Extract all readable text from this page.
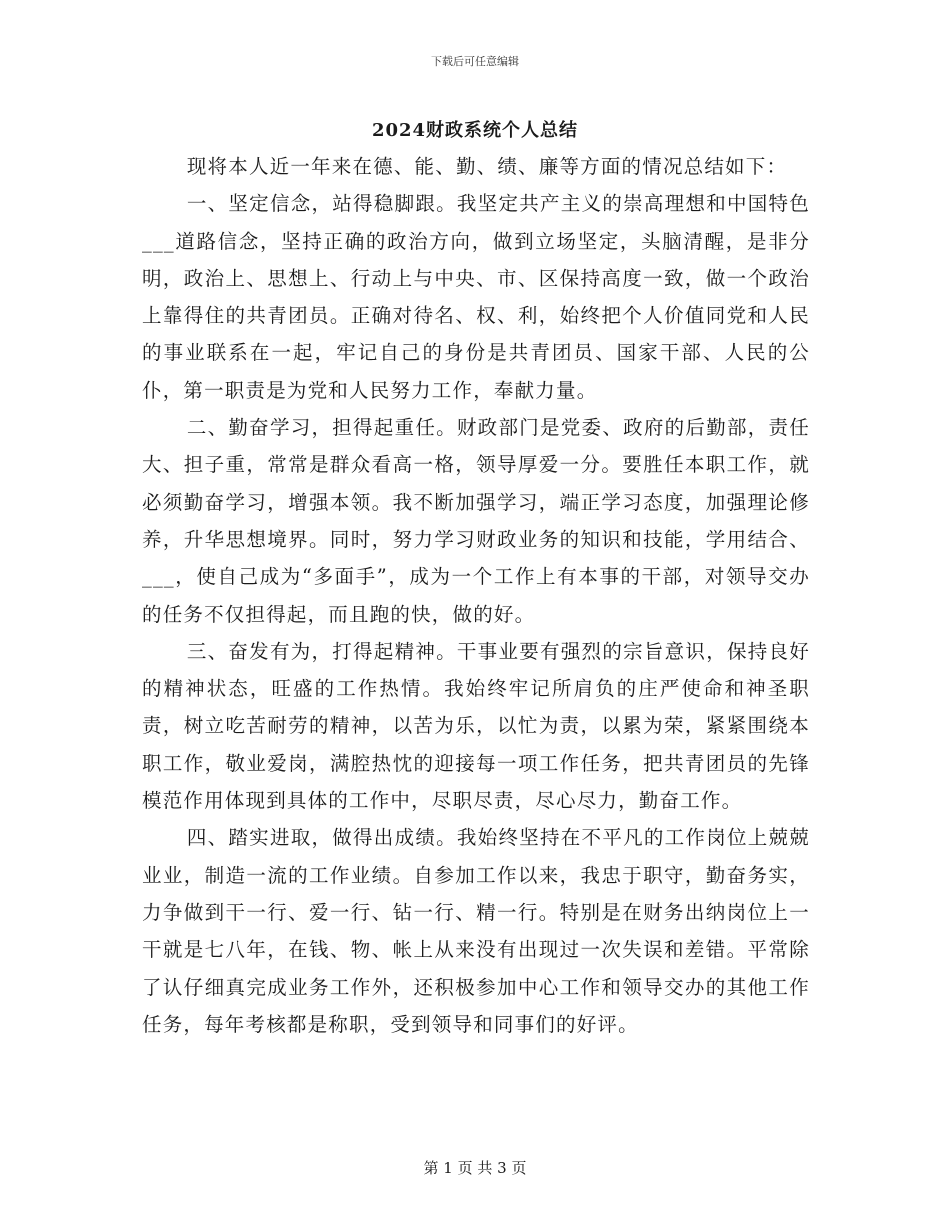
下载后可任意编辑
2024财政系统个人总结

现将本人近一年来在德、能、勤、绩、廉等方面的情况总结如下：

一、坚定信念，站得稳脚跟。我坚定共产主义的崇高理想和中国特色___道路信念，坚持正确的政治方向，做到立场坚定，头脑清醒，是非分明，政治上、思想上、行动上与中央、市、区保持高度一致，做一个政治上靠得住的共青团员。正确对待名、权、利，始终把个人价值同党和人民的事业联系在一起，牢记自己的身份是共青团员、国家干部、人民的公仆，第一职责是为党和人民努力工作，奉献力量。

二、勤奋学习，担得起重任。财政部门是党委、政府的后勤部，责任大、担子重，常常是群众看高一格，领导厚爱一分。要胜任本职工作，就必须勤奋学习，增强本领。我不断加强学习，端正学习态度，加强理论修养，升华思想境界。同时，努力学习财政业务的知识和技能，学用结合、___，使自己成为“多面手”，成为一个工作上有本事的干部，对领导交办的任务不仅担得起，而且跑的快，做的好。

三、奋发有为，打得起精神。干事业要有强烈的宗旨意识，保持良好的精神状态，旺盛的工作热情。我始终牢记所肩负的庄严使命和神圣职责，树立吃苦耐劳的精神，以苦为乐，以忙为责，以累为荣，紧紧围绕本职工作，敬业爱岗，满腔热忱的迎接每一项工作任务，把共青团员的先锋模范作用体现到具体的工作中，尽职尽责，尽心尽力，勤奋工作。

四、踏实进取，做得出成绩。我始终坚持在不平凡的工作岗位上兢兢业业，制造一流的工作业绩。自参加工作以来，我忠于职守，勤奋务实，力争做到干一行、爱一行、钻一行、精一行。特别是在财务出纳岗位上一干就是七八年，在钱、物、帐上从来没有出现过一次失误和差错。平常除了认仔细真完成业务工作外，还积极参加中心工作和领导交办的其他工作任务，每年考核都是称职，受到领导和同事们的好评。

第 1 页 共 3 页
